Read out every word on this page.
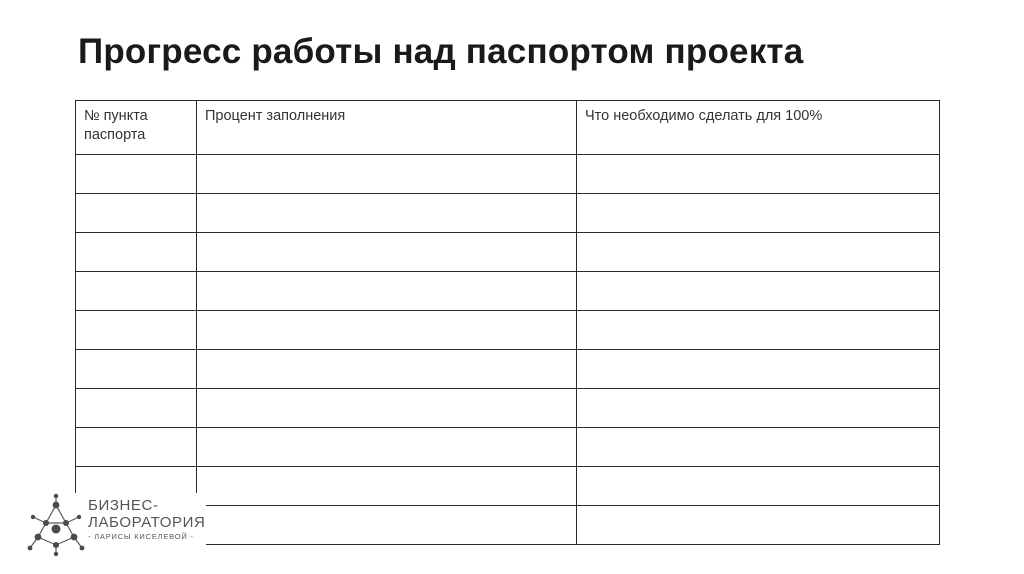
Прогресс работы над паспортом проекта
№ пункта паспорта	Процент заполнения	Что необходимо сделать для 100%

БИЗНЕС-
ЛАБОРАТОРИЯ
- ЛАРИСЫ КИСЕЛЕВОЙ -
